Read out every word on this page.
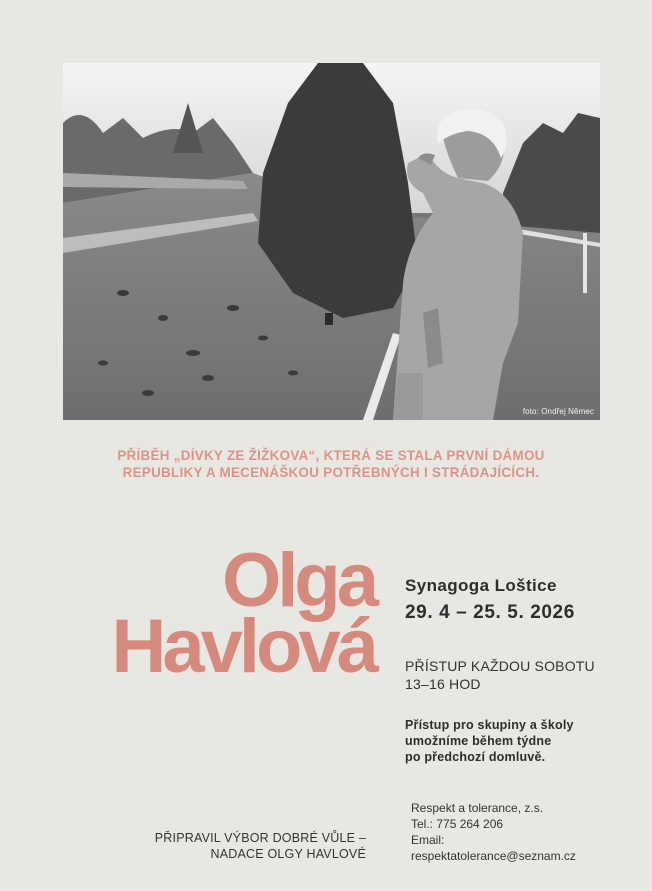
foto: Ondřej Němec
PŘÍBĚH „DÍVKY ZE ŽIŽKOVA“, KTERÁ SE STALA PRVNÍ DÁMOU
REPUBLIKY A MECENÁŠKOU POTŘEBNÝCH I STRÁDAJÍCÍCH.
Olga
Havlová
Synagoga Loštice
29. 4 – 25. 5. 2026
PŘÍSTUP KAŽDOU SOBOTU
13–16 HOD
Přístup pro skupiny a školy
umožníme během týdne
po předchozí domluvě.
PŘIPRAVIL VÝBOR DOBRÉ VŮLE –
NADACE OLGY HAVLOVÉ
Respekt a tolerance, z.s.
Tel.: 775 264 206
Email:
respektatolerance@seznam.cz
